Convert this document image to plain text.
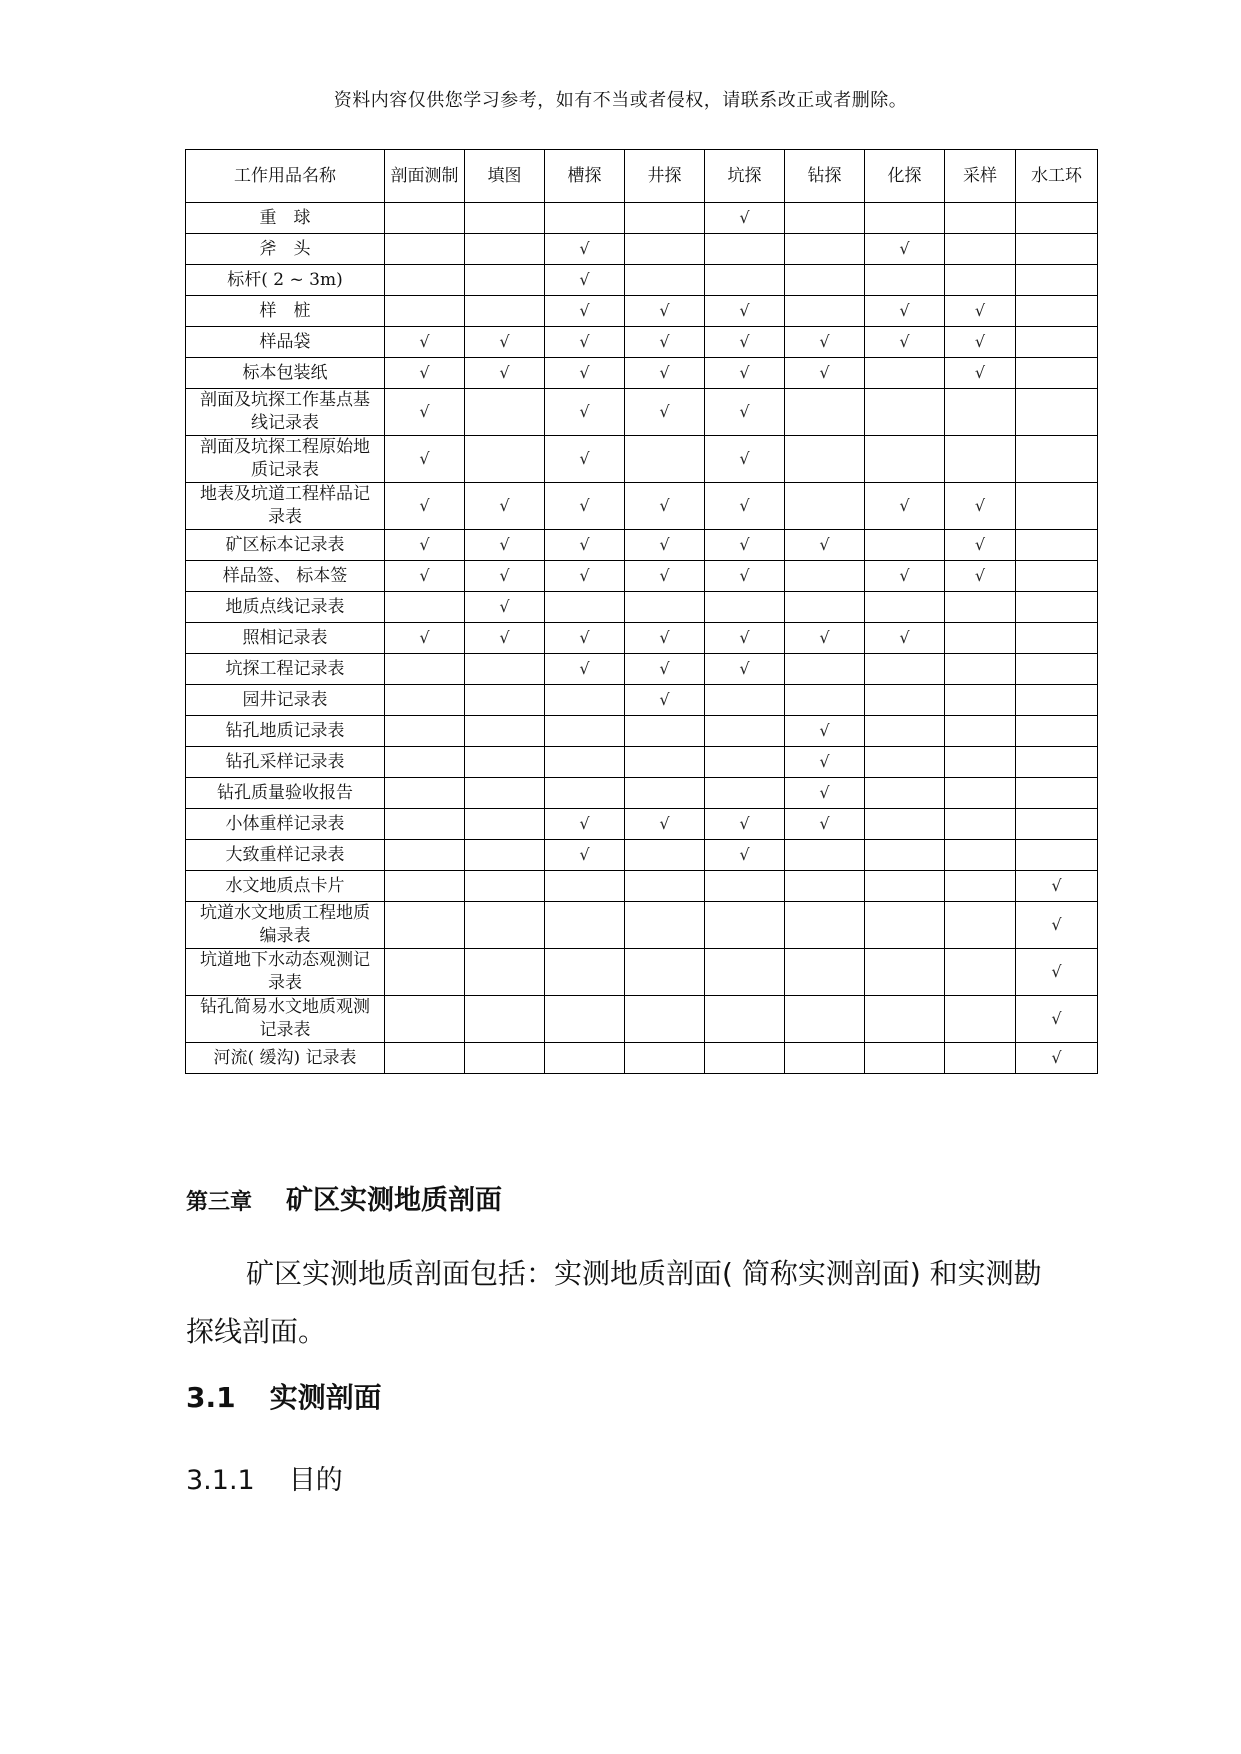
资料内容仅供您学习参考，如有不当或者侵权，请联系改正或者删除。
工作用品名称	剖面测制	填图	槽探	井探	坑探	钻探	化探	采样	水工环
重　球					√				
斧　头			√				√		
标杆( 2 ~ 3m)			√						
样　桩			√	√	√		√	√	
样品袋	√	√	√	√	√	√	√	√	
标本包装纸	√	√	√	√	√	√		√	
剖面及坑探工作基点基线记录表	√		√	√	√				
剖面及坑探工程原始地质记录表	√		√		√				
地表及坑道工程样品记录表	√	√	√	√	√		√	√	
矿区标本记录表	√	√	√	√	√	√		√	
样品签、 标本签	√	√	√	√	√		√	√	
地质点线记录表		√							
照相记录表	√	√	√	√	√	√	√		
坑探工程记录表			√	√	√				
园井记录表				√					
钻孔地质记录表						√			
钻孔采样记录表						√			
钻孔质量验收报告						√			
小体重样记录表			√	√	√	√			
大致重样记录表			√		√				
水文地质点卡片									√
坑道水文地质工程地质编录表									√
坑道地下水动态观测记录表									√
钻孔简易水文地质观测记录表									√
河流( 缓沟) 记录表									√
第三章 矿区实测地质剖面
矿区实测地质剖面包括：实测地质剖面( 简称实测剖面) 和实测勘探线剖面。
3.1 实测剖面
3.1.1 目的
